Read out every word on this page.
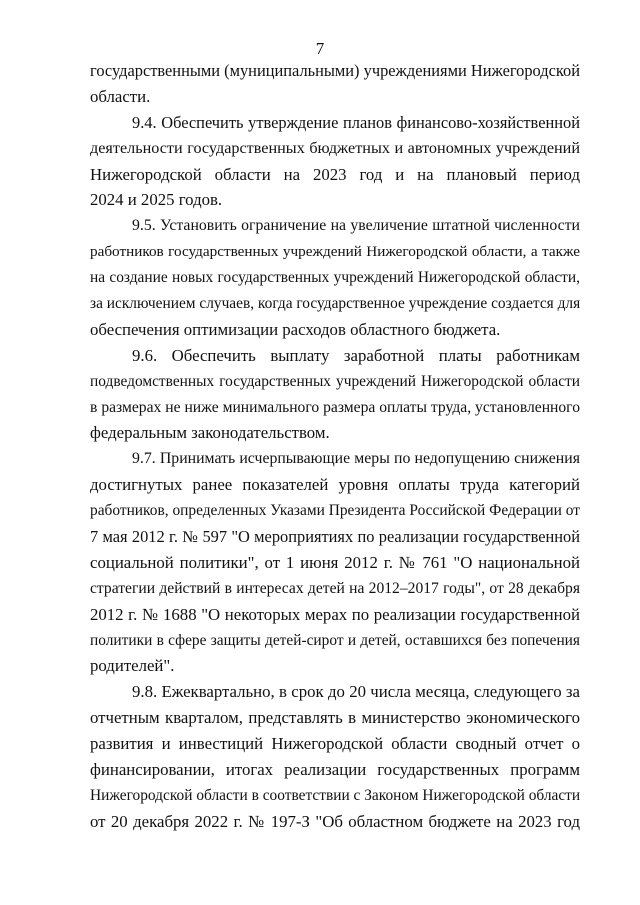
7
государственными (муниципальными) учреждениями Нижегородской
области.
9.4. Обеспечить утверждение планов финансово-хозяйственной
деятельности государственных бюджетных и автономных учреждений
Нижегородской области на 2023 год и на плановый период
2024 и 2025 годов.
9.5. Установить ограничение на увеличение штатной численности
работников государственных учреждений Нижегородской области, а также
на создание новых государственных учреждений Нижегородской области,
за исключением случаев, когда государственное учреждение создается для
обеспечения оптимизации расходов областного бюджета.
9.6. Обеспечить выплату заработной платы работникам
подведомственных государственных учреждений Нижегородской области
в размерах не ниже минимального размера оплаты труда, установленного
федеральным законодательством.
9.7. Принимать исчерпывающие меры по недопущению снижения
достигнутых ранее показателей уровня оплаты труда категорий
работников, определенных Указами Президента Российской Федерации от
7 мая 2012 г. № 597 "О мероприятиях по реализации государственной
социальной политики", от 1 июня 2012 г. № 761 "О национальной
стратегии действий в интересах детей на 2012–2017 годы", от 28 декабря
2012 г. № 1688 "О некоторых мерах по реализации государственной
политики в сфере защиты детей-сирот и детей, оставшихся без попечения
родителей".
9.8. Ежеквартально, в срок до 20 числа месяца, следующего за
отчетным кварталом, представлять в министерство экономического
развития и инвестиций Нижегородской области сводный отчет о
финансировании, итогах реализации государственных программ
Нижегородской области в соответствии с Законом Нижегородской области
от 20 декабря 2022 г. № 197-З "Об областном бюджете на 2023 год
